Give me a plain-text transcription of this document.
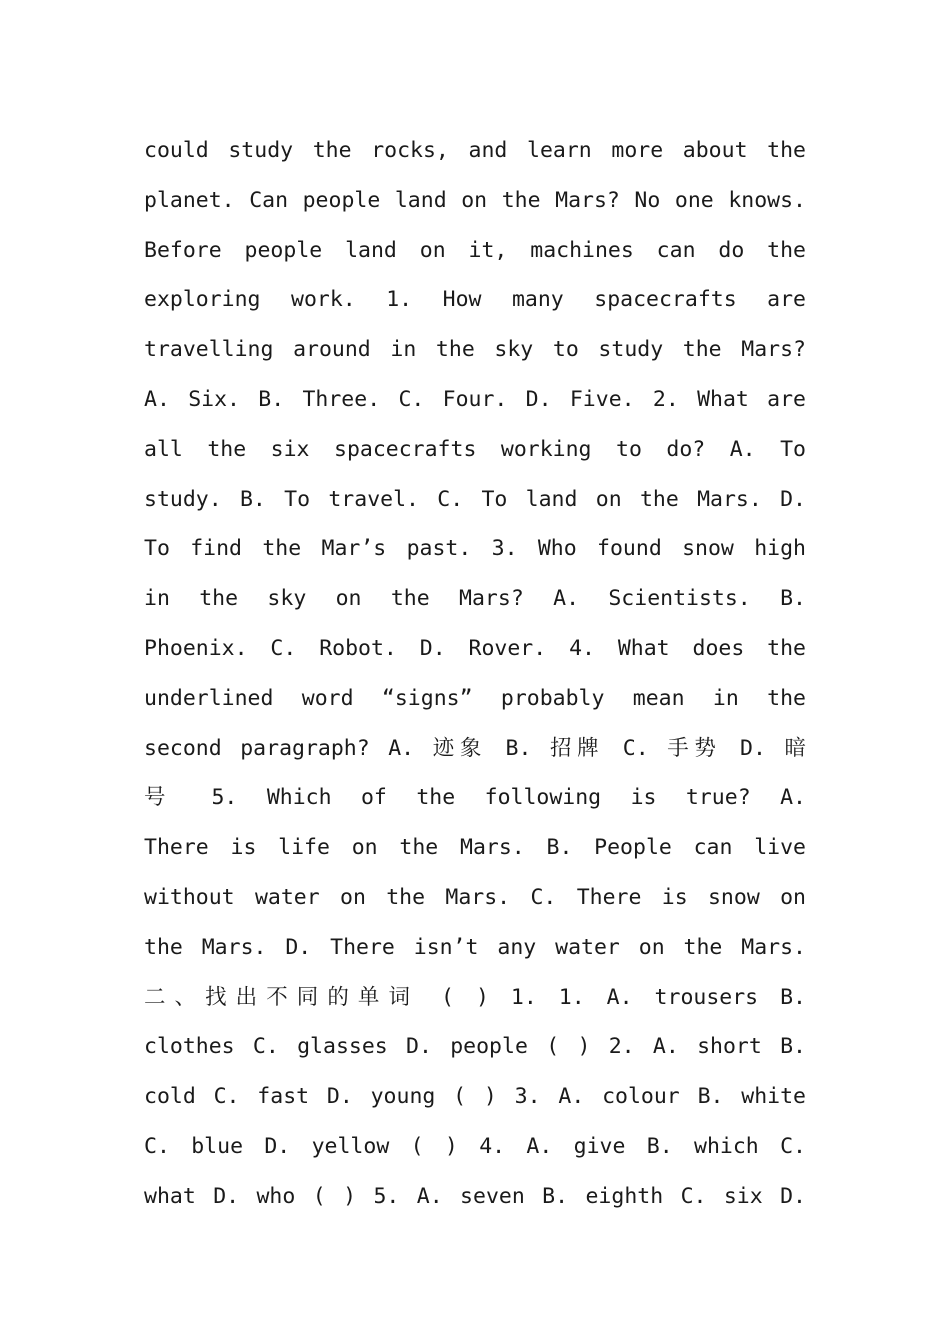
could study the rocks, and learn more about the
planet. Can people land on the Mars? No one knows.
Before people land on it, machines can do the
exploring work. 1. How many spacecrafts are
travelling around in the sky to study the Mars?
A. Six. B. Three. C. Four. D. Five. 2. What are
all the six spacecrafts working to do? A. To
study. B. To travel. C. To land on the Mars. D.
To find the Mar’s past. 3. Who found snow high
in the sky on the Mars? A. Scientists. B.
Phoenix. C. Robot. D. Rover. 4. What does the
underlined word “signs” probably mean in the
second paragraph? A. 迹象 B. 招牌 C. 手势 D. 暗
号 5. Which of the following is true? A.
There is life on the Mars. B. People can live
without water on the Mars. C. There is snow on
the Mars. D. There isn’t any water on the Mars.
二、找出不同的单词 ( ) 1. 1. A. trousers B.
clothes C. glasses D. people ( ) 2. A. short B.
cold C. fast D. young ( ) 3. A. colour B. white
C. blue D. yellow ( ) 4. A. give B. which C.
what D. who ( ) 5. A. seven B. eighth C. six D.
